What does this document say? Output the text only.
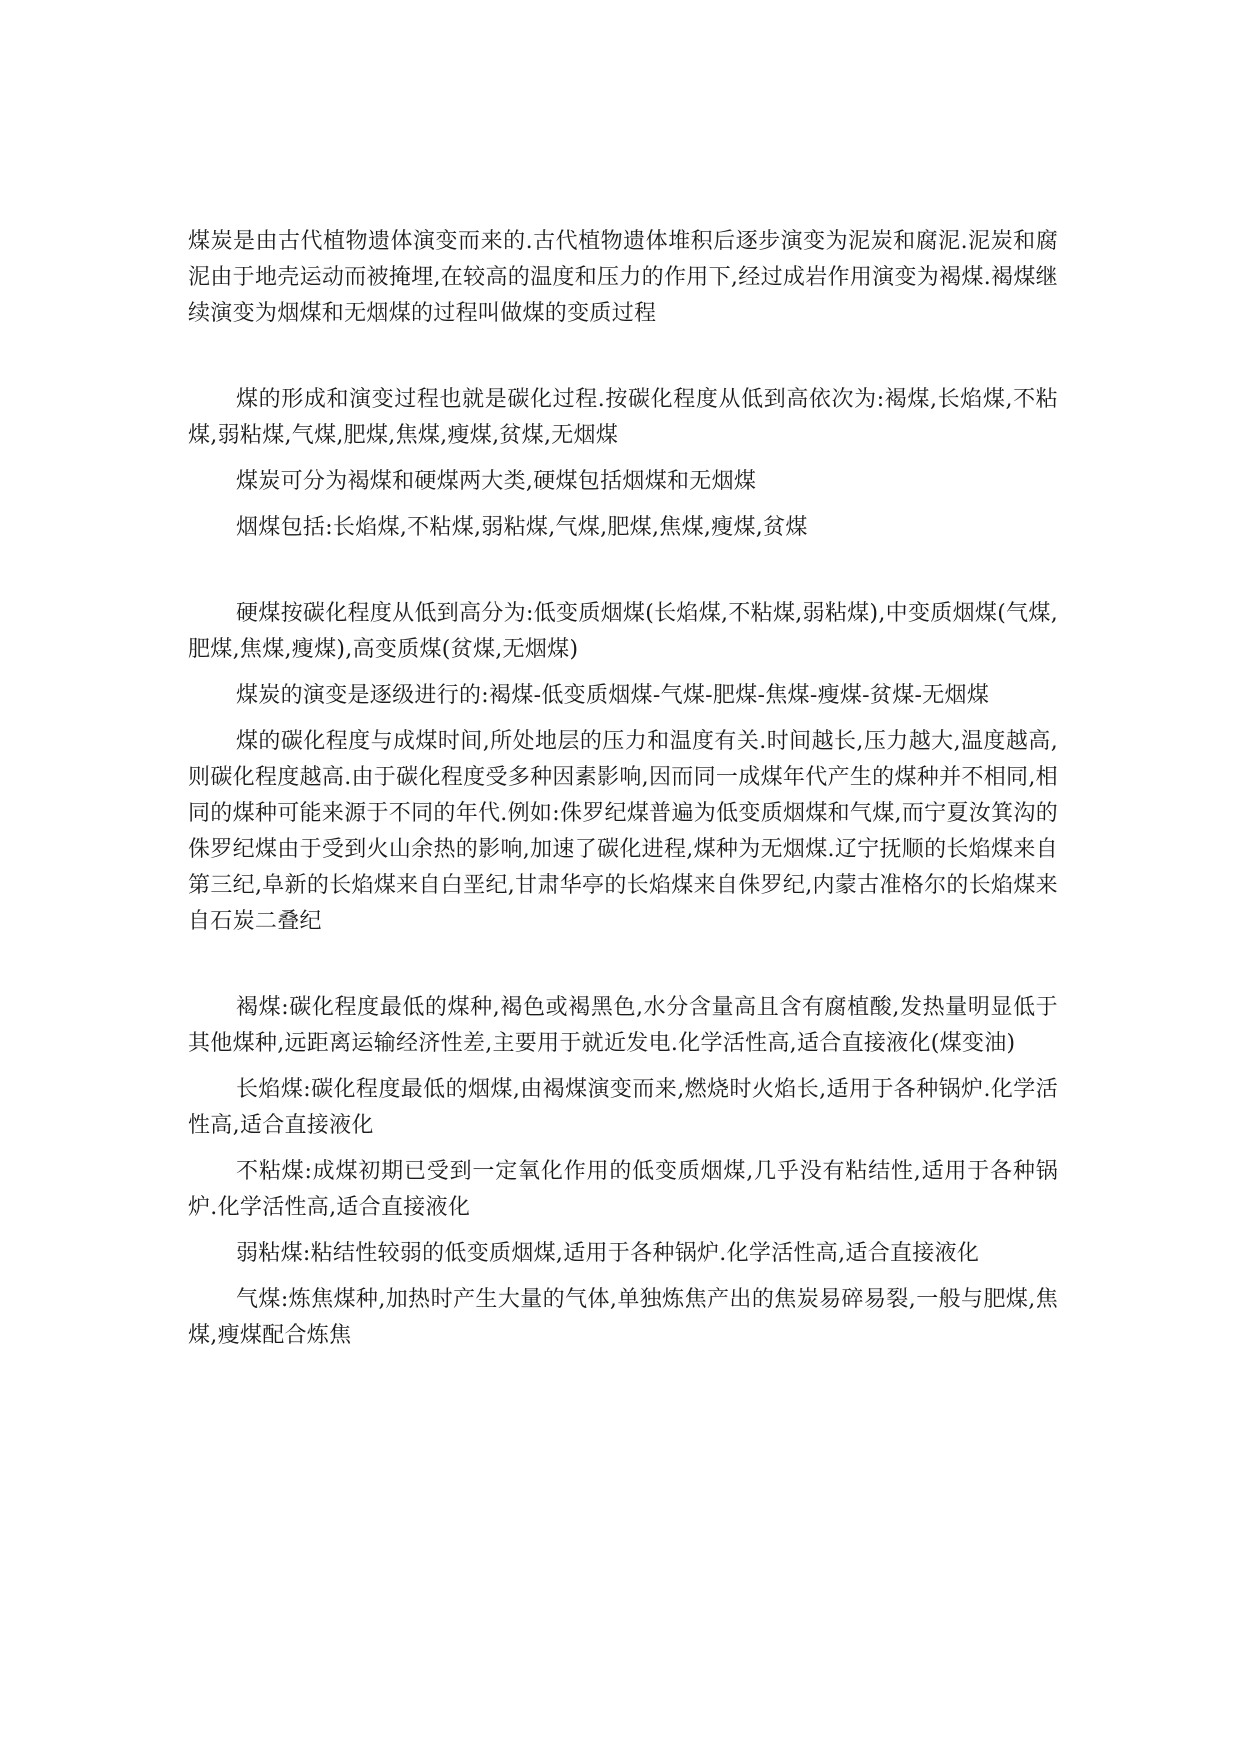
煤炭是由古代植物遗体演变而来的.古代植物遗体堆积后逐步演变为泥炭和腐泥.泥炭和腐泥由于地壳运动而被掩埋,在较高的温度和压力的作用下,经过成岩作用演变为褐煤.褐煤继续演变为烟煤和无烟煤的过程叫做煤的变质过程

煤的形成和演变过程也就是碳化过程.按碳化程度从低到高依次为:褐煤,长焰煤,不粘煤,弱粘煤,气煤,肥煤,焦煤,瘦煤,贫煤,无烟煤

煤炭可分为褐煤和硬煤两大类,硬煤包括烟煤和无烟煤

烟煤包括:长焰煤,不粘煤,弱粘煤,气煤,肥煤,焦煤,瘦煤,贫煤

硬煤按碳化程度从低到高分为:低变质烟煤(长焰煤,不粘煤,弱粘煤),中变质烟煤(气煤,肥煤,焦煤,瘦煤),高变质煤(贫煤,无烟煤)

煤炭的演变是逐级进行的:褐煤-低变质烟煤-气煤-肥煤-焦煤-瘦煤-贫煤-无烟煤

煤的碳化程度与成煤时间,所处地层的压力和温度有关.时间越长,压力越大,温度越高,则碳化程度越高.由于碳化程度受多种因素影响,因而同一成煤年代产生的煤种并不相同,相同的煤种可能来源于不同的年代.例如:侏罗纪煤普遍为低变质烟煤和气煤,而宁夏汝箕沟的侏罗纪煤由于受到火山余热的影响,加速了碳化进程,煤种为无烟煤.辽宁抚顺的长焰煤来自第三纪,阜新的长焰煤来自白垩纪,甘肃华亭的长焰煤来自侏罗纪,内蒙古准格尔的长焰煤来自石炭二叠纪

褐煤:碳化程度最低的煤种,褐色或褐黑色,水分含量高且含有腐植酸,发热量明显低于其他煤种,远距离运输经济性差,主要用于就近发电.化学活性高,适合直接液化(煤变油)

长焰煤:碳化程度最低的烟煤,由褐煤演变而来,燃烧时火焰长,适用于各种锅炉.化学活性高,适合直接液化

不粘煤:成煤初期已受到一定氧化作用的低变质烟煤,几乎没有粘结性,适用于各种锅炉.化学活性高,适合直接液化

弱粘煤:粘结性较弱的低变质烟煤,适用于各种锅炉.化学活性高,适合直接液化

气煤:炼焦煤种,加热时产生大量的气体,单独炼焦产出的焦炭易碎易裂,一般与肥煤,焦煤,瘦煤配合炼焦
